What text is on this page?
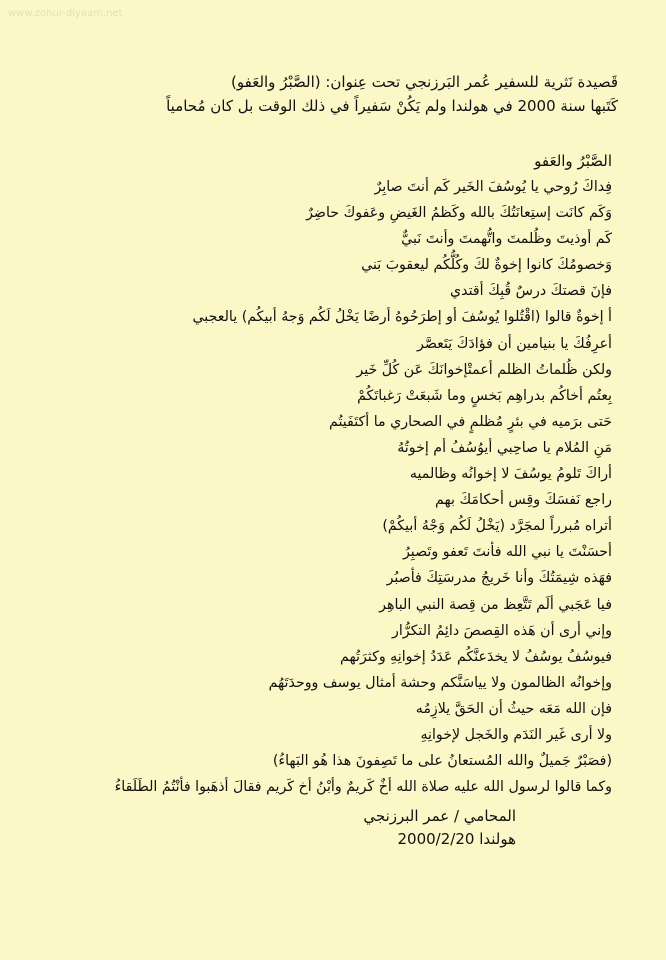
www.zohur-diyaam.net
قَصيدة نَثرية للسفير عُمر البَرزنجي تحت عِنوان: (الصَّبْرُ والعَفو)
كَتَبها سنة 2000 في هولندا ولم يَكُنْ سَفيراً في ذلك الوقت بل كان مُحامياً
الصَّبْرُ والعَفو
فِداكَ رُوحي يا يُوسُفَ الخَير كَم أنتَ صابِرٌ
وَكَم كانَت إستِعانَتُكَ بالله وكَظمُ الغَيضِ وعَفوكَ حاضِرٌ
كَم أوذيتَ وظُلمتَ واتُّهمتَ وأنتَ نَبيٌّ
وَخصومُكَ كانوا إخوةٌ لكَ وكُلُّكُم ليعقوبَ بَني
فإنَ قصتكَ درسٌ قُبِكَ أقتدي
أ إخوةٌ قالوا (اقْتُلوا يُوسُفَ أو إطرَحُوهُ أرضًا يَخْلُ لَكُم وَجهُ أبيكُم) يالعجبي
أعرِفُكَ يا بنيامين أن فؤادَكَ يَتَعصَّر
ولكن ظُلماتُ الظلم أعمتْإخوانَكَ عَن كُلِّ خَير
بِعتُم أخاكُم بدراهِم بَخسٍ وما شَبعَتْ رَغباتَكُمْ
حَتى برَميه في بئرٍ مُظلمٍ في الصحاري ما أكتَفَيتُم
مَنِ المُلام يا صاحِبي أيوُسُفُ أم إخوتُهُ
أراكَ تَلومُ يوسُفَ لا إخوانُه وظالميه
راجع نَفسَكَ وقِس أحكامَكَ بهم
أتراه مُبرراً لمجَرَّد (يَخْلُ لَكُم وَجْهُ أبيكُمْ)
أحسَنْتَ يا نبي الله فأنتَ تَعفو وتَصبِرُ
فهَذه شِيمَتُكَ وأنا خَريجُ مدرسَتِكَ فأصبُر
فيا عَجَبي ألَم تَتَّعِظ من قِصة النبي الباهِر
وإني أرى أن هَذه القِصصَ دائِمُ التكرُّار
فيوسُفُ يوسُفُ لا يخدَعنَّكُم عَدَدُ إخوانِهِ وكثرَتُهم
وإخوانُه الظالمون ولا يياسَنَّكم وحشة أمثال يوسف ووحدَتَهُم
فإن الله مَعَه حيثُ أن الحَقَّ يلازِمُه
ولا أرى غَير النَدَم والخَجل لإخوانِهِ
(فصَبْرٌ جَميلٌ والله المُستعانُ على ما تَصِفونَ هذا هُو البَهاءُ)
وكما قالوا لرسول الله عليه صلاة الله أخٌ كَريمٌ وأبْنُ أخ كَريم فقالَ أذهَبوا فأنْتُمُ الطَلَقاءُ
المحامي / عمر البرزنجي
هولندا 2000/2/20
